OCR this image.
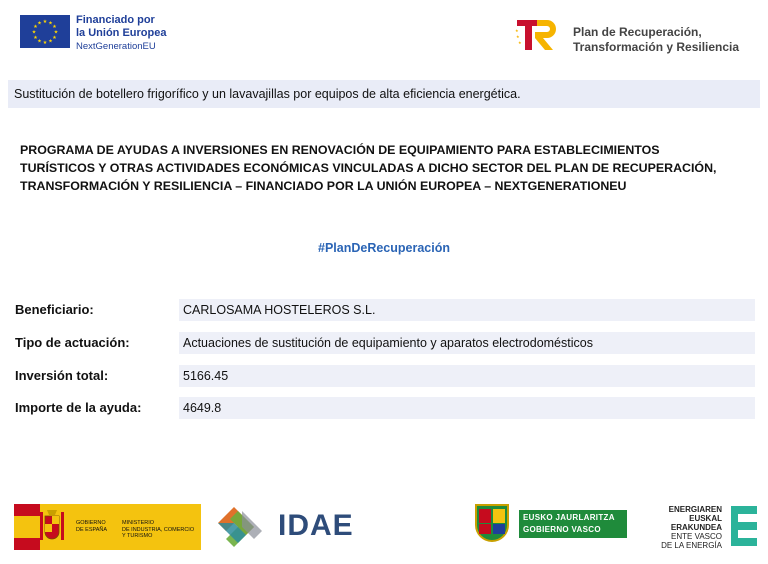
★ ★
★
★
★
★
★
★
★
★
★
★	Financiado por
la Unión Europea
NextGenerationEU
★
★
★
Plan de Recuperación,
Transformación y Resiliencia
Sustitución de botellero frigorífico y un lavavajillas por equipos de alta eficiencia energética.
PROGRAMA DE AYUDAS A INVERSIONES EN RENOVACIÓN DE EQUIPAMIENTO PARA ESTABLECIMIENTOS
TURÍSTICOS Y OTRAS ACTIVIDADES ECONÓMICAS VINCULADAS A DICHO SECTOR DEL PLAN DE RECUPERACIÓN,
TRANSFORMACIÓN Y RESILIENCIA – FINANCIADO POR LA UNIÓN EUROPEA – NEXTGENERATIONEU
#PlanDeRecuperación
Beneficiario:	CARLOSAMA HOSTELEROS S.L.
Tipo de actuación:	Actuaciones de sustitución de equipamiento y aparatos electrodomésticos
Inversión total:	5166.45
Importe de la ayuda:	4649.8
GOBIERNO
DE ESPAÑA
MINISTERIO
DE INDUSTRIA, COMERCIO
Y TURISMO	IDAE	EUSKO JAURLARITZA
GOBIERNO VASCO
ENERGIAREN
EUSKAL ERAKUNDEA
ENTE VASCO
DE LA ENERGÍA
